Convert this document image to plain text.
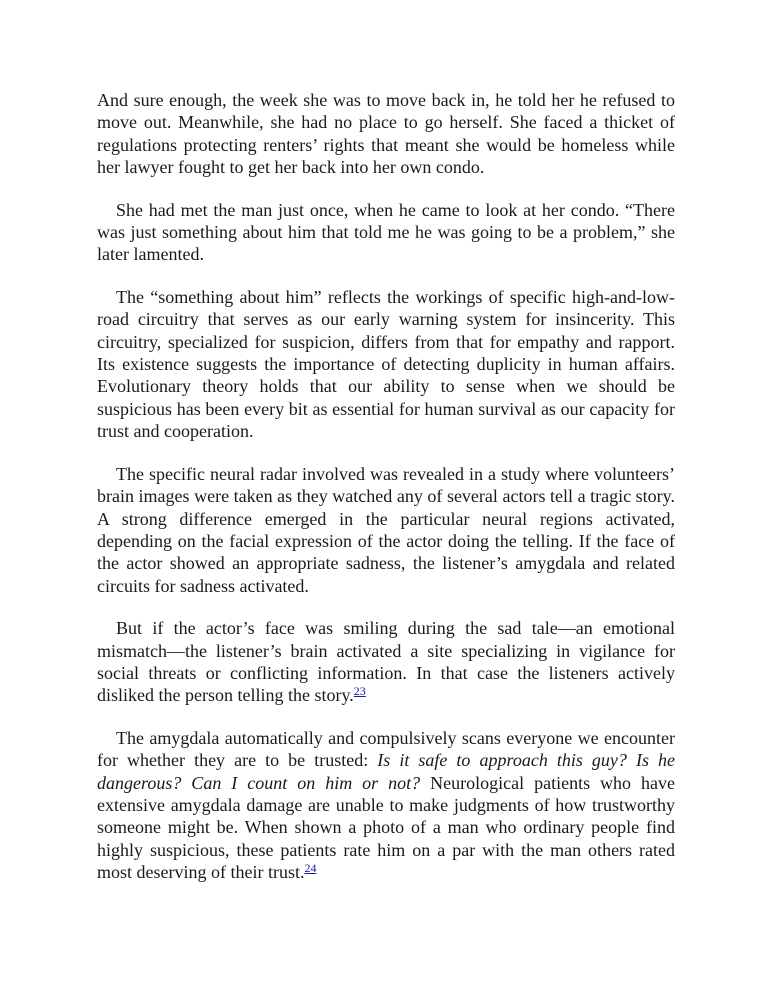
And sure enough, the week she was to move back in, he told her he refused to move out. Meanwhile, she had no place to go herself. She faced a thicket of regulations protecting renters’ rights that meant she would be homeless while her lawyer fought to get her back into her own condo.

She had met the man just once, when he came to look at her condo. “There was just something about him that told me he was going to be a problem,” she later lamented.

The “something about him” reflects the workings of specific high-and-low-road circuitry that serves as our early warning system for insincerity. This circuitry, specialized for suspicion, differs from that for empathy and rapport. Its existence suggests the importance of detecting duplicity in human affairs. Evolutionary theory holds that our ability to sense when we should be suspicious has been every bit as essential for human survival as our capacity for trust and cooperation.

The specific neural radar involved was revealed in a study where volunteers’ brain images were taken as they watched any of several actors tell a tragic story. A strong difference emerged in the particular neural regions activated, depending on the facial expression of the actor doing the telling. If the face of the actor showed an appropriate sadness, the listener’s amygdala and related circuits for sadness activated.

But if the actor’s face was smiling during the sad tale—an emotional mismatch—the listener’s brain activated a site specializing in vigilance for social threats or conflicting information. In that case the listeners actively disliked the person telling the story.$^{23}$

The amygdala automatically and compulsively scans everyone we encounter for whether they are to be trusted: Is it safe to approach this guy? Is he dangerous? Can I count on him or not? Neurological patients who have extensive amygdala damage are unable to make judgments of how trustworthy someone might be. When shown a photo of a man who ordinary people find highly suspicious, these patients rate him on a par with the man others rated most deserving of their trust.$^{24}$
